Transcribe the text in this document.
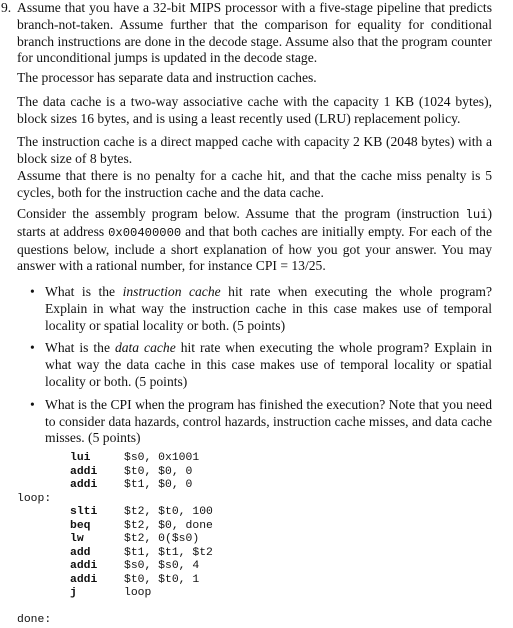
9. Assume that you have a 32-bit MIPS processor with a five-stage pipeline that predicts branch-not-taken. Assume further that the comparison for equality for conditional branch instructions are done in the decode stage. Assume also that the program counter for unconditional jumps is updated in the decode stage.
The processor has separate data and instruction caches.
The data cache is a two-way associative cache with the capacity 1 KB (1024 bytes), block sizes 16 bytes, and is using a least recently used (LRU) replacement policy.
The instruction cache is a direct mapped cache with capacity 2 KB (2048 bytes) with a block size of 8 bytes.
Assume that there is no penalty for a cache hit, and that the cache miss penalty is 5 cycles, both for the instruction cache and the data cache.
Consider the assembly program below. Assume that the program (instruction lui) starts at address 0x00400000 and that both caches are initially empty. For each of the questions below, include a short explanation of how you got your answer. You may answer with a rational number, for instance CPI = 13/25.
• What is the instruction cache hit rate when executing the whole program? Explain in what way the instruction cache in this case makes use of temporal locality or spatial locality or both. (5 points)
• What is the data cache hit rate when executing the whole program? Explain in what way the data cache in this case makes use of temporal locality or spatial locality or both. (5 points)
• What is the CPI when the program has finished the execution? Note that you need to consider data hazards, control hazards, instruction cache misses, and data cache misses. (5 points)
lui	$s0, 0x1001
addi $t0, $0, 0
addi $t1, $0, 0
loop:
slti $t2, $t0, 100
beq	$t2, $0, done
lw	$t2, 0($s0)
add	$t1, $t1, $t2
addi $s0, $s0, 4
addi $t0, $t0, 1
j	loop
done:
